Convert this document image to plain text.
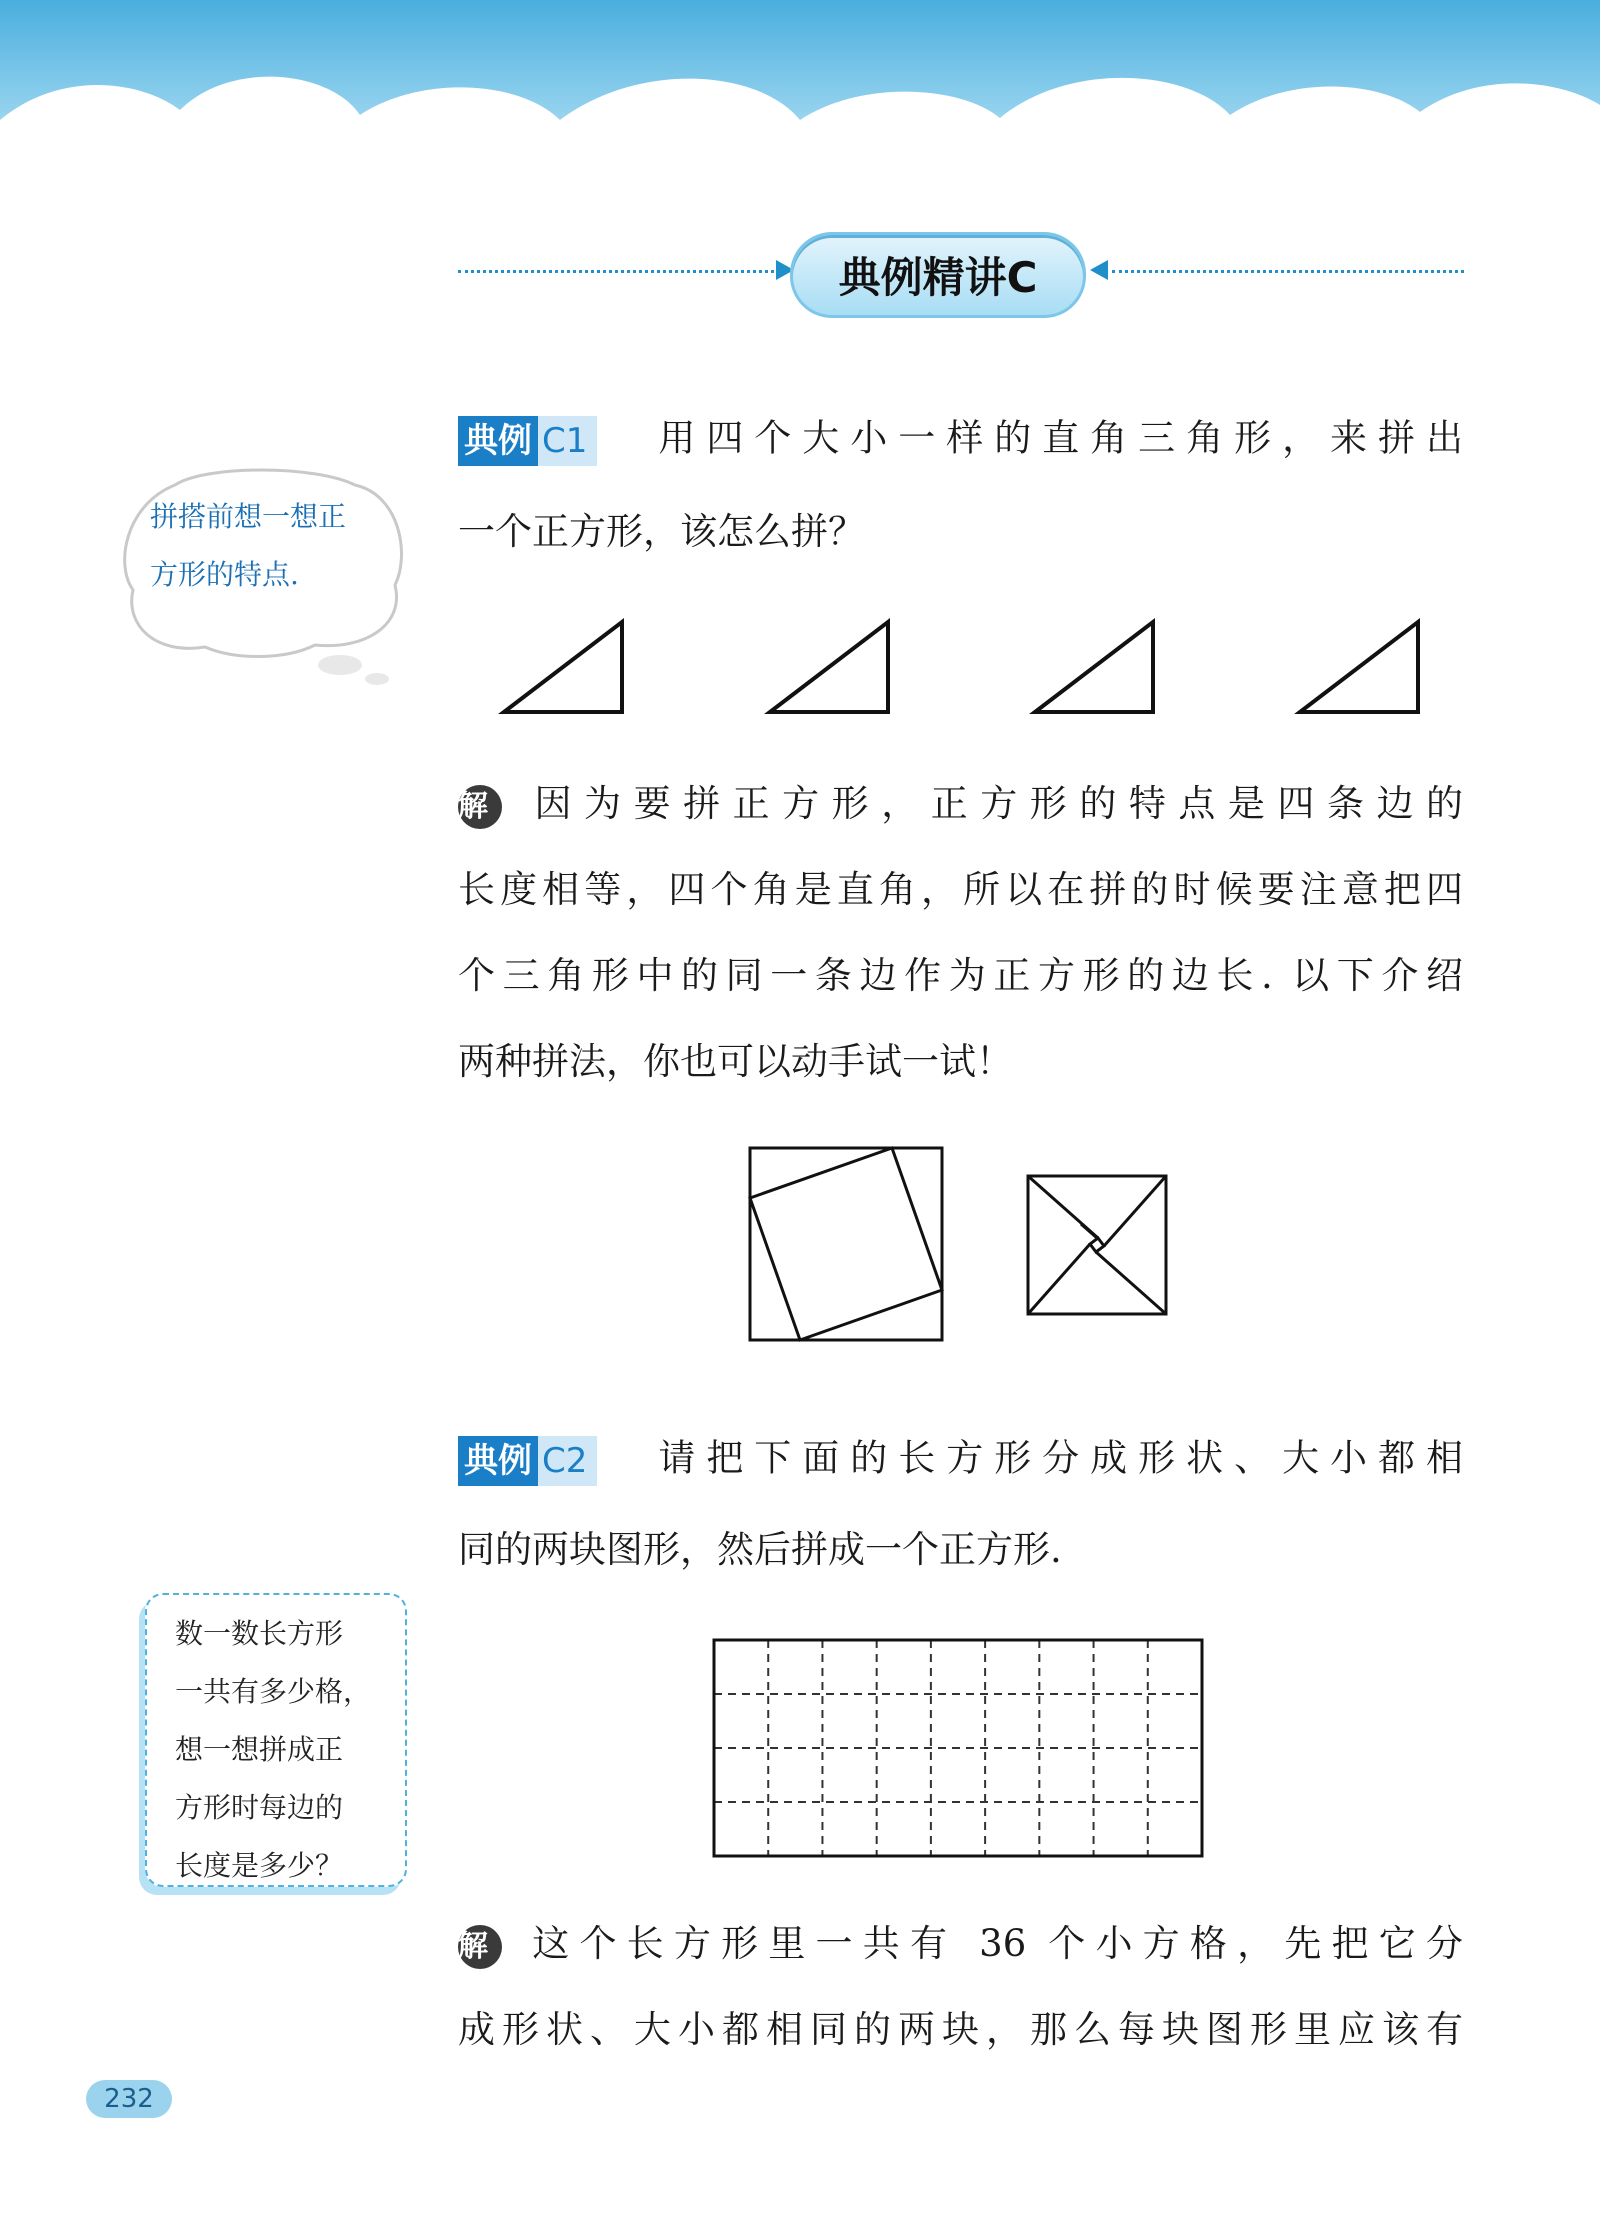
典例精讲C
典例 C1 用四个大小一样的直角三角形，来拼出
一个正方形，该怎么拼？
拼搭前想一想正
方形的特点.
解 因为要拼正方形，正方形的特点是四条边的
长度相等，四个角是直角，所以在拼的时候要注意把四
个三角形中的同一条边作为正方形的边长. 以下介绍
两种拼法，你也可以动手试一试！
典例 C2 请把下面的长方形分成形状、大小都相
同的两块图形，然后拼成一个正方形.
数一数长方形
一共有多少格，
想一想拼成正
方形时每边的
长度是多少？
解 这个长方形里一共有 36 个小方格，先把它分
成形状、大小都相同的两块，那么每块图形里应该有
232
